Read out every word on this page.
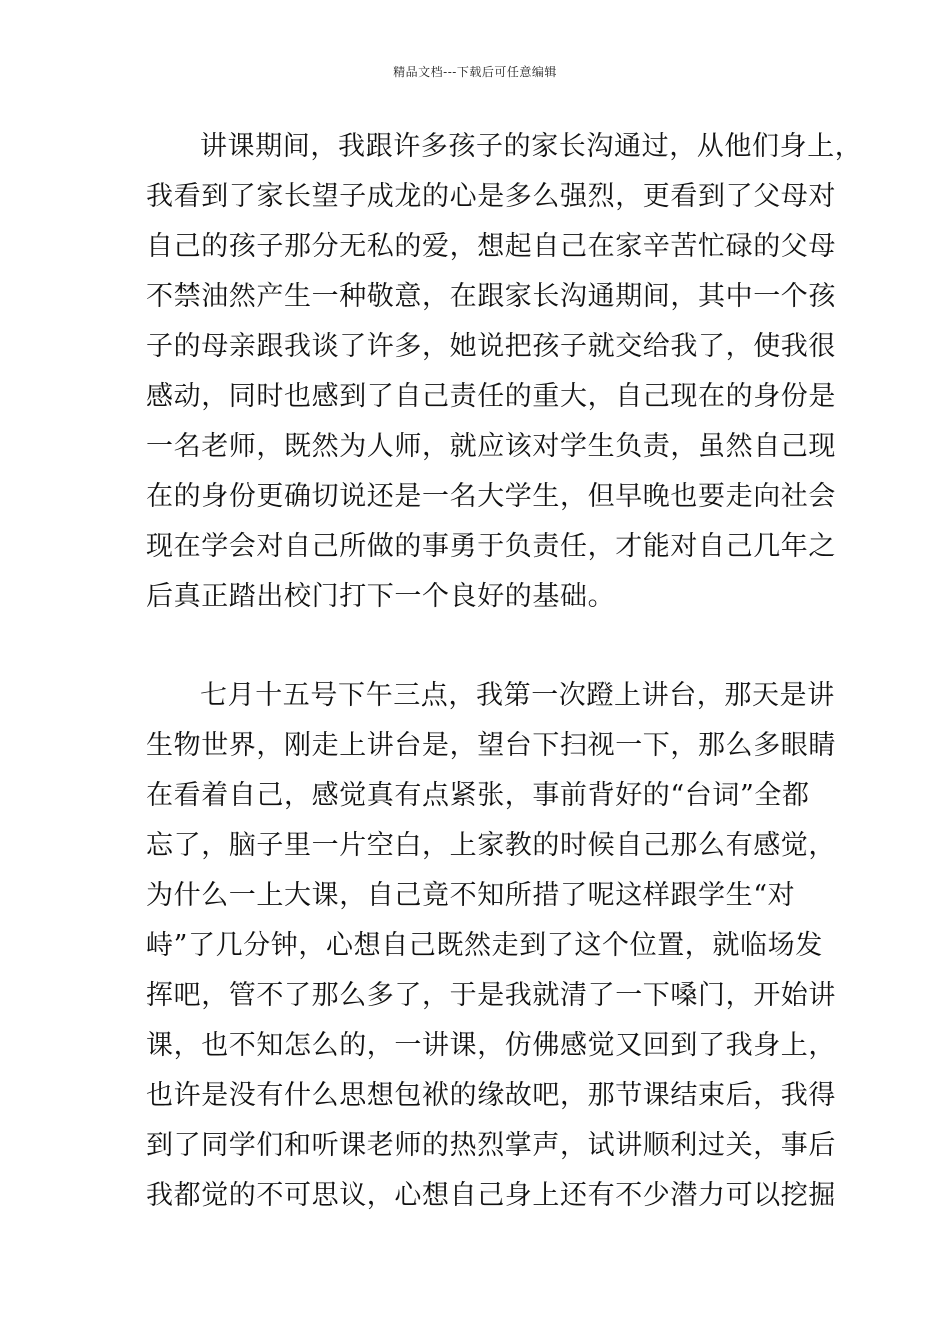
精品文档---下载后可任意编辑
讲课期间，我跟许多孩子的家长沟通过，从他们身上，
我看到了家长望子成龙的心是多么强烈，更看到了父母对
自己的孩子那分无私的爱，想起自己在家辛苦忙碌的父母
不禁油然产生一种敬意，在跟家长沟通期间，其中一个孩
子的母亲跟我谈了许多，她说把孩子就交给我了，使我很
感动，同时也感到了自己责任的重大，自己现在的身份是
一名老师，既然为人师，就应该对学生负责，虽然自己现
在的身份更确切说还是一名大学生，但早晚也要走向社会
现在学会对自己所做的事勇于负责任，才能对自己几年之
后真正踏出校门打下一个良好的基础。
七月十五号下午三点，我第一次蹬上讲台，那天是讲
生物世界，刚走上讲台是，望台下扫视一下，那么多眼睛
在看着自己，感觉真有点紧张，事前背好的“台词”全都
忘了，脑子里一片空白，上家教的时候自己那么有感觉，
为什么一上大课，自己竟不知所措了呢这样跟学生“对
峙”了几分钟，心想自己既然走到了这个位置，就临场发
挥吧，管不了那么多了，于是我就清了一下嗓门，开始讲
课，也不知怎么的，一讲课，仿佛感觉又回到了我身上，
也许是没有什么思想包袱的缘故吧，那节课结束后，我得
到了同学们和听课老师的热烈掌声，试讲顺利过关，事后
我都觉的不可思议，心想自己身上还有不少潜力可以挖掘
